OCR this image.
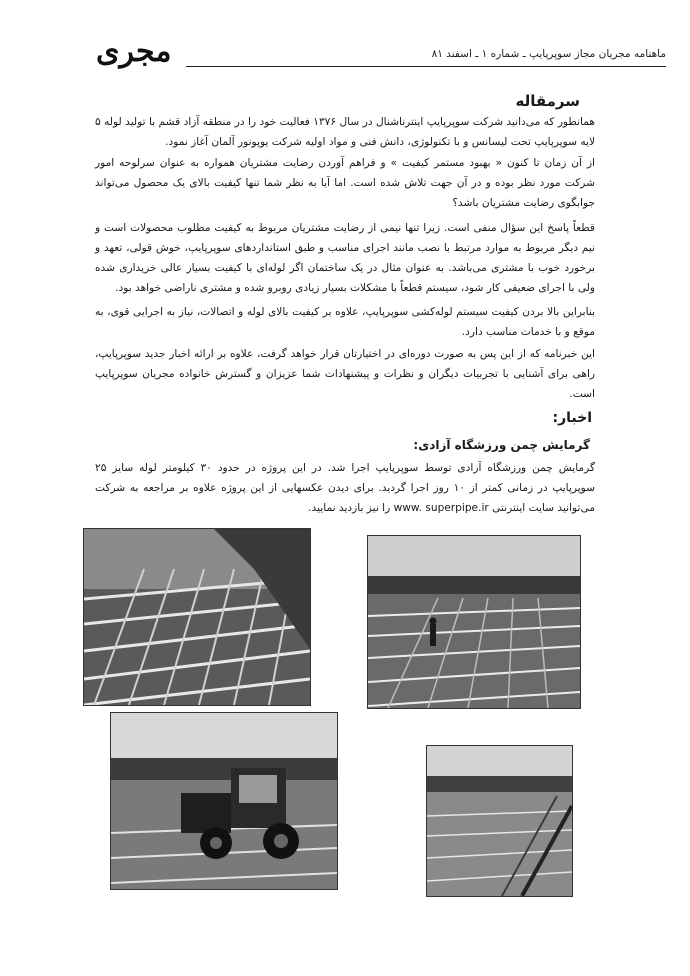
مجری	ماهنامه مجریان مجاز سوپرپایپ ـ شماره ۱ ـ اسفند ۸۱
سرمقاله
همانطور که می‌دانید شرکت سوپرپایپ اینترناشنال در سال ۱۳۷۶ فعالیت خود را در منطقه آزاد قشم با تولید لوله ۵ لایه سوپرپایپ تحت لیسانس و با تکنولوژی، دانش فنی و مواد اولیه شرکت یوپونور آلمان آغاز نمود.
از آن زمان تا کنون « بهبود مستمر کیفیت » و فراهم آوردن رضایت مشتریان همواره به عنوان سرلوحه امور شرکت مورد نظر بوده و در آن جهت تلاش شده است. اما آیا به نظر شما تنها کیفیت بالای یک محصول می‌تواند جوابگوی رضایت مشتریان باشد؟
قطعاً پاسخ این سؤال منفی است. زیرا تنها نیمی از رضایت مشتریان مربوط به کیفیت مطلوب محصولات است و نیم دیگر مربوط به موارد مرتبط با نصب مانند اجرای مناسب و طبق استانداردهای سوپرپایپ، خوش قولی، تعهد و برخورد خوب با مشتری می‌باشد. به عنوان مثال در یک ساختمان اگر لوله‌ای با کیفیت بسیار عالی خریداری شده ولی با اجرای ضعیفی کار شود، سیستم قطعاً با مشکلات بسیار زیادی روبرو شده و مشتری ناراضی خواهد بود.
بنابراین بالا بردن کیفیت سیستم لوله‌کشی سوپرپایپ، علاوه بر کیفیت بالای لوله و اتصالات، نیاز به اجرایی قوی، به موقع و با خدمات مناسب دارد.
این خبرنامه که از این پس به صورت دوره‌ای در اختیارتان قرار خواهد گرفت، علاوه بر ارائه اخبار جدید سوپرپایپ، راهی برای آشنایی با تجربیات دیگران و نظرات و پیشنهادات شما عزیزان و گسترش خانواده مجریان سوپرپایپ است.
اخبار:
گرمایش چمن ورزشگاه آزادی:
گرمایش چمن ورزشگاه آزادی توسط سوپرپایپ اجرا شد. در این پروژه در حدود ۳۰ کیلومتر لوله سایز ۲۵ سوپرپایپ در زمانی کمتر از ۱۰ روز اجرا گردید. برای دیدن عکسهایی از این پروژه علاوه بر مراجعه به شرکت می‌توانید سایت اینترنتی www. superpipe.ir را نیز بازدید نمایید.
